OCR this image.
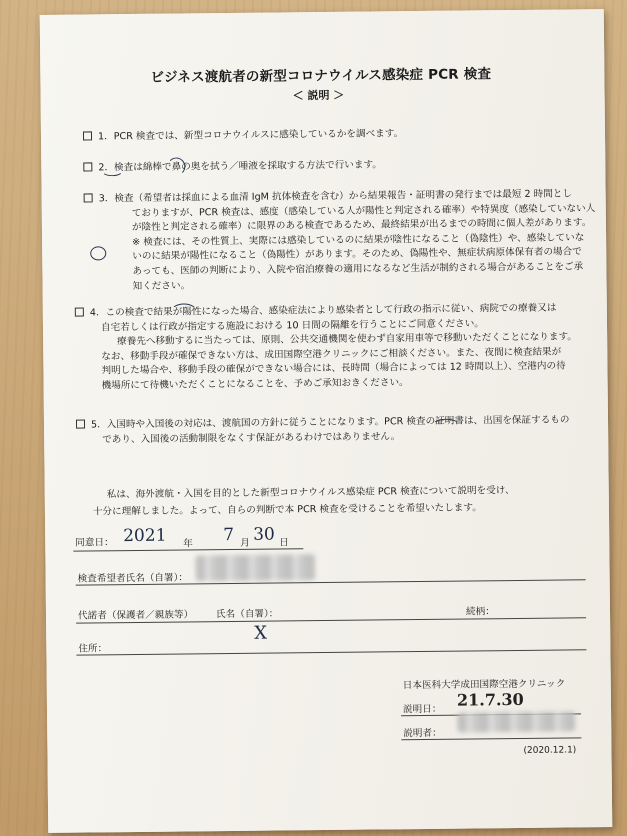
ビジネス渡航者の新型コロナウイルス感染症 PCR 検査
＜ 説明 ＞
1．PCR 検査では、新型コロナウイルスに感染しているかを調べます。
2．検査は綿棒で鼻の奥を拭う／唾液を採取する方法で行います。
3．検査（希望者は採血による血清 IgM 抗体検査を含む）から結果報告・証明書の発行までは最短 2 時間とし
ておりますが、PCR 検査は、感度（感染している人が陽性と判定される確率）や特異度（感染していない人
が陰性と判定される確率）に限界のある検査であるため、最終結果が出るまでの時間に個人差があります。
※ 検査には、その性質上、実際には感染しているのに結果が陰性になること（偽陰性）や、感染していな
いのに結果が陽性になること（偽陽性）があります。そのため、偽陽性や、無症状病原体保有者の場合で
あっても、医師の判断により、入院や宿泊療養の適用になるなど生活が制約される場合があることをご承
知ください。
4．この検査で結果が陽性になった場合、感染症法により感染者として行政の指示に従い、病院での療養又は
自宅若しくは行政が指定する施設における 10 日間の隔離を行うことにご同意ください。
療養先へ移動するに当たっては、原則、公共交通機関を使わず自家用車等で移動いただくことになります。
なお、移動手段が確保できない方は、成田国際空港クリニックにご相談ください。また、夜間に検査結果が
判明した場合や、移動手段の確保ができない場合には、長時間（場合によっては 12 時間以上）、空港内の待
機場所にて待機いただくことになることを、予めご承知おきください。
5．入国時や入国後の対応は、渡航国の方針に従うことになります。PCR 検査の証明書は、出国を保証するもの
であり、入国後の活動制限をなくす保証があるわけではありません。
私は、海外渡航・入国を目的とした新型コロナウイルス感染症 PCR 検査について説明を受け、
十分に理解しました。よって、自らの判断で本 PCR 検査を受けることを希望いたします。
同意日： 2021 年 7 月 30 日
検査希望者氏名（自署）：
代諾者（保護者／親族等） 氏名（自署）：	続柄：
住所：
X
日本医科大学成田国際空港クリニック
説明日： 21.7.30
説明者：
(2020.12.1)
